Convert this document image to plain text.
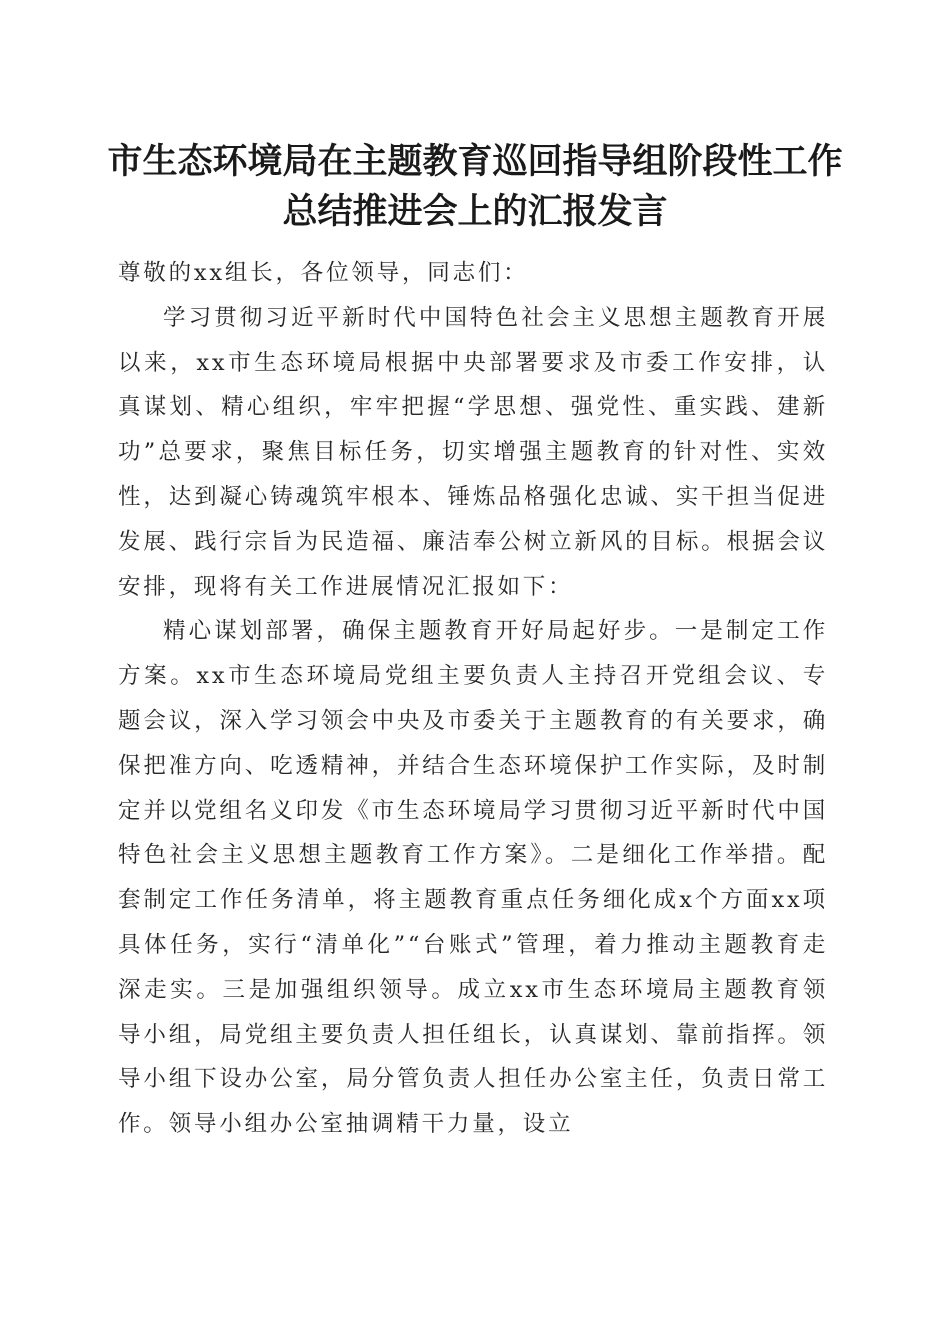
市生态环境局在主题教育巡回指导组阶段性工作总结推进会上的汇报发言

尊敬的xx组长，各位领导，同志们：

学习贯彻习近平新时代中国特色社会主义思想主题教育开展以来，xx市生态环境局根据中央部署要求及市委工作安排，认真谋划、精心组织，牢牢把握“学思想、强党性、重实践、建新功”总要求，聚焦目标任务，切实增强主题教育的针对性、实效性，达到凝心铸魂筑牢根本、锤炼品格强化忠诚、实干担当促进发展、践行宗旨为民造福、廉洁奉公树立新风的目标。根据会议安排，现将有关工作进展情况汇报如下：

精心谋划部署，确保主题教育开好局起好步。一是制定工作方案。xx市生态环境局党组主要负责人主持召开党组会议、专题会议，深入学习领会中央及市委关于主题教育的有关要求，确保把准方向、吃透精神，并结合生态环境保护工作实际，及时制定并以党组名义印发《市生态环境局学习贯彻习近平新时代中国特色社会主义思想主题教育工作方案》。二是细化工作举措。配套制定工作任务清单，将主题教育重点任务细化成x个方面xx项具体任务，实行“清单化”“台账式”管理，着力推动主题教育走深走实。三是加强组织领导。成立xx市生态环境局主题教育领导小组，局党组主要负责人担任组长，认真谋划、靠前指挥。领导小组下设办公室，局分管负责人担任办公室主任，负责日常工作。领导小组办公室抽调精干力量，设立
